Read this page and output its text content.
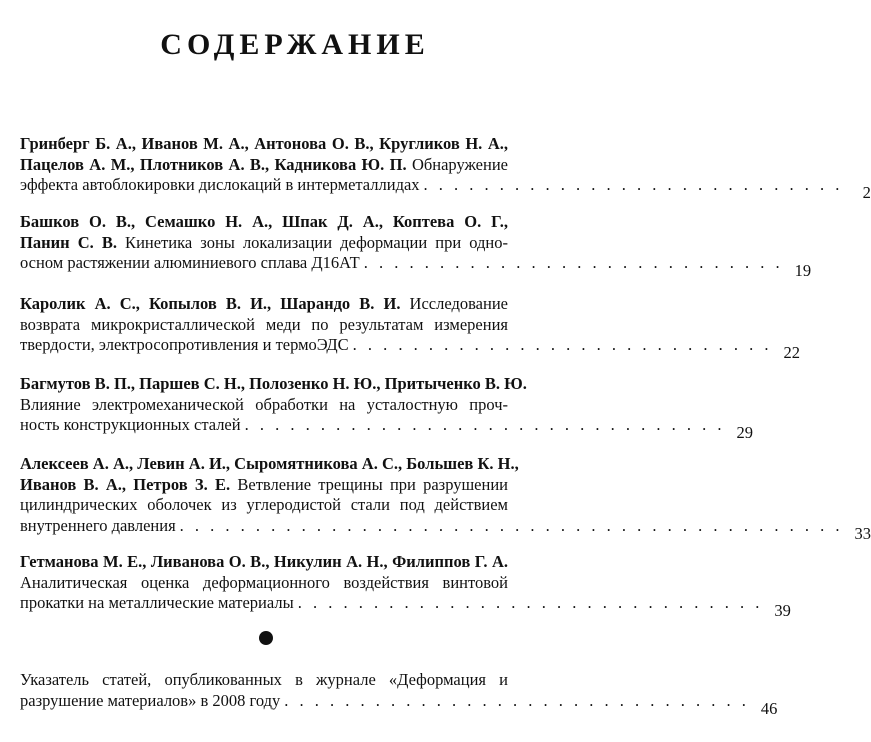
СОДЕРЖАНИЕ
Гринберг Б. А., Иванов М. А., Антонова О. В., Кругликов Н. А.,
Пацелов А. М., Плотников А. В., Кадникова Ю. П. Обнаружение
эффекта автоблокировки дислокаций в интерметаллидах . . . . . . . . . . . . . . . . . . . . . . . . . . . .	2
Башков О. В., Семашко Н. А., Шпак Д. А., Коптева О. Г.,
Панин С. В. Кинетика зоны локализации деформации при одно-
осном растяжении алюминиевого сплава Д16АТ . . . . . . . . . . . . . . . . . . . . . . . . . . . . 19
Каролик А. С., Копылов В. И., Шарандо В. И. Исследование
возврата микрокристаллической меди по результатам измерения
твердости, электросопротивления и термоЭДС . . . . . . . . . . . . . . . . . . . . . . . . . . . . 22
Багмутов В. П., Паршев С. Н., Полозенко Н. Ю., Притыченко В. Ю.
Влияние электромеханической обработки на усталостную проч-
ность конструкционных сталей . . . . . . . . . . . . . . . . . . . . . . . . . . . . . . . . 29
Алексеев А. А., Левин А. И., Сыромятникова А. С., Большев К. Н.,
Иванов В. А., Петров З. Е. Ветвление трещины при разрушении
цилиндрических оболочек из углеродистой стали под действием
внутреннего давления . . . . . . . . . . . . . . . . . . . . . . . . . . . . . . . . . . . . . . . . . . . . 33
Гетманова М. Е., Ливанова О. В., Никулин А. Н., Филиппов Г. А.
Аналитическая оценка деформационного воздействия винтовой
прокатки на металлические материалы . . . . . . . . . . . . . . . . . . . . . . . . . . . . . . . 39
Указатель статей, опубликованных в журнале «Деформация и
разрушение материалов» в 2008 году . . . . . . . . . . . . . . . . . . . . . . . . . . . . . . . 46
